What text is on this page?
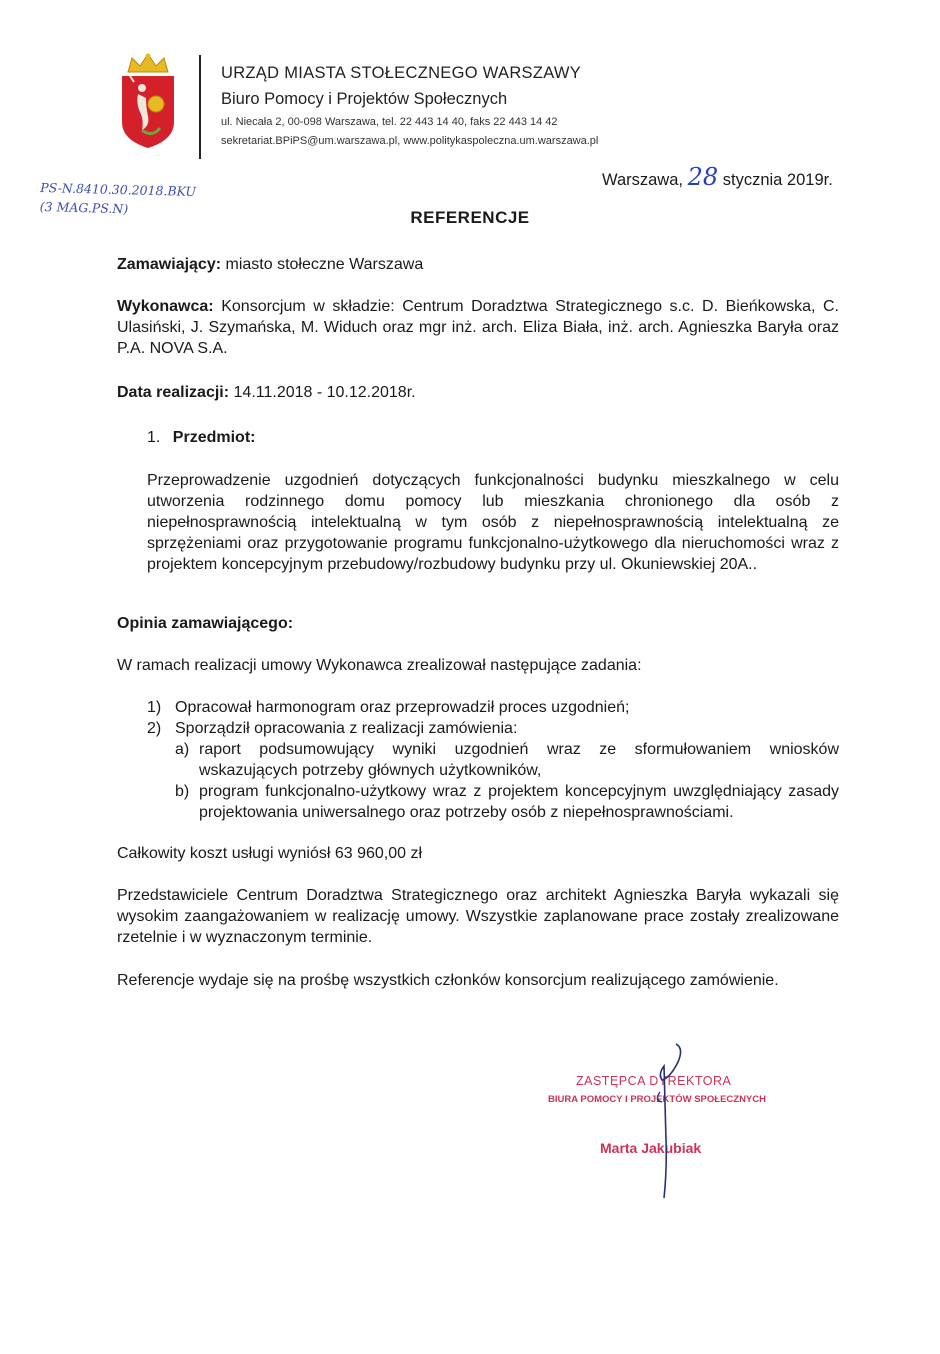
URZĄD MIASTA STOŁECZNEGO WARSZAWY
Biuro Pomocy i Projektów Społecznych
ul. Niecała 2, 00-098 Warszawa, tel. 22 443 14 40, faks 22 443 14 42
sekretariat.BPiPS@um.warszawa.pl, www.politykaspoleczna.um.warszawa.pl
Warszawa, 28 stycznia 2019r.
PS-N.8410.30.2018.BKU
(3 MAG.PS.N)
REFERENCJE
Zamawiający: miasto stołeczne Warszawa
Wykonawca: Konsorcjum w składzie: Centrum Doradztwa Strategicznego s.c. D. Bieńkowska, C. Ulasiński, J. Szymańska, M. Widuch oraz mgr inż. arch. Eliza Biała, inż. arch. Agnieszka Baryła oraz P.A. NOVA S.A.
Data realizacji: 14.11.2018 - 10.12.2018r.
1. Przedmiot:
Przeprowadzenie uzgodnień dotyczących funkcjonalności budynku mieszkalnego w celu utworzenia rodzinnego domu pomocy lub mieszkania chronionego dla osób z niepełnosprawnością intelektualną w tym osób z niepełnosprawnością intelektualną ze sprzężeniami oraz przygotowanie programu funkcjonalno-użytkowego dla nieruchomości wraz z projektem koncepcyjnym przebudowy/rozbudowy budynku przy ul. Okuniewskiej 20A..
Opinia zamawiającego:
W ramach realizacji umowy Wykonawca zrealizował następujące zadania:
1) Opracował harmonogram oraz przeprowadził proces uzgodnień;
2) Sporządził opracowania z realizacji zamówienia:
a) raport podsumowujący wyniki uzgodnień wraz ze sformułowaniem wniosków wskazujących potrzeby głównych użytkowników,
b) program funkcjonalno-użytkowy wraz z projektem koncepcyjnym uwzględniający zasady projektowania uniwersalnego oraz potrzeby osób z niepełnosprawnościami.
Całkowity koszt usługi wyniósł 63 960,00 zł
Przedstawiciele Centrum Doradztwa Strategicznego oraz architekt Agnieszka Baryła wykazali się wysokim zaangażowaniem w realizację umowy. Wszystkie zaplanowane prace zostały zrealizowane rzetelnie i w wyznaczonym terminie.
Referencje wydaje się na prośbę wszystkich członków konsorcjum realizującego zamówienie.
ZASTĘPCA DYREKTORA
BIURA POMOCY I PROJEKTÓW SPOŁECZNYCH
Marta Jakubiak
